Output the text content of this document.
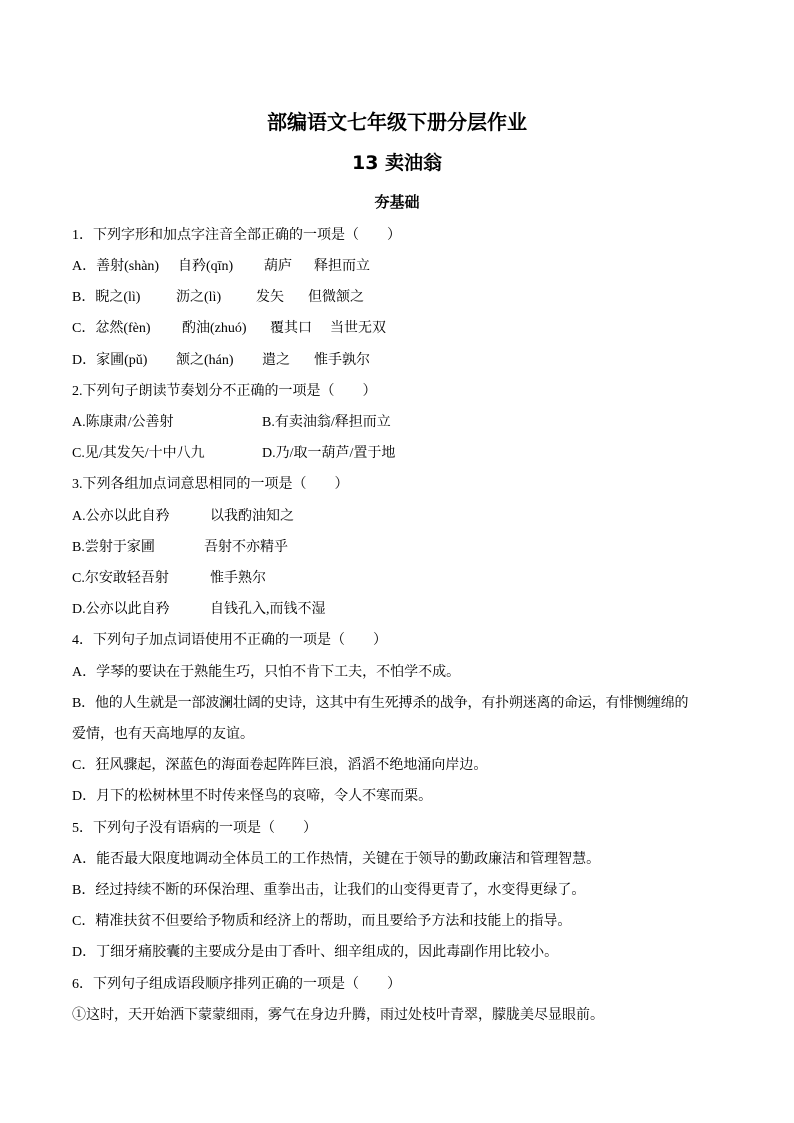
部编语文七年级下册分层作业
13 卖油翁
夯基础
1．下列字形和加点字注音全部正确的一项是（　　）
A．善射(shàn) 自矜(qīn) 葫庐 释担而立
B．睨之(lì)	沥之(lì) 发矢 但微颔之
C．忿然(fèn) 酌油(zhuó) 覆其口 当世无双
D．家圃(pǔ) 颔之(hán) 遣之 惟手孰尔
2.下列句子朗读节奏划分不正确的一项是（　　）
A.陈康肃/公善射	B.有卖油翁/释担而立
C.见/其发矢/十中八九	D.乃/取一葫芦/置于地
3.下列各组加点词意思相同的一项是（　　）
A.公亦以此自矜	以我酌油知之
B.尝射于家圃	吾射不亦精乎
C.尔安敢轻吾射	惟手熟尔
D.公亦以此自矜	自钱孔入,而钱不湿
4．下列句子加点词语使用不正确的一项是（　　）
A．学琴的要诀在于熟能生巧，只怕不肯下工夫，不怕学不成。
B．他的人生就是一部波澜壮阔的史诗，这其中有生死搏杀的战争，有扑朔迷离的命运，有悱恻缠绵的
爱情，也有天高地厚的友谊。
C．狂风骤起，深蓝色的海面卷起阵阵巨浪，滔滔不绝地涌向岸边。
D．月下的松树林里不时传来怪鸟的哀啼，令人不寒而栗。
5．下列句子没有语病的一项是（　　）
A．能否最大限度地调动全体员工的工作热情，关键在于领导的勤政廉洁和管理智慧。
B．经过持续不断的环保治理、重拳出击，让我们的山变得更青了，水变得更绿了。
C．精准扶贫不但要给予物质和经济上的帮助，而且要给予方法和技能上的指导。
D．丁细牙痛胶囊的主要成分是由丁香叶、细辛组成的，因此毒副作用比较小。
6．下列句子组成语段顺序排列正确的一项是（　　）
①这时，天开始洒下蒙蒙细雨，雾气在身边升腾，雨过处枝叶青翠，朦胧美尽显眼前。
